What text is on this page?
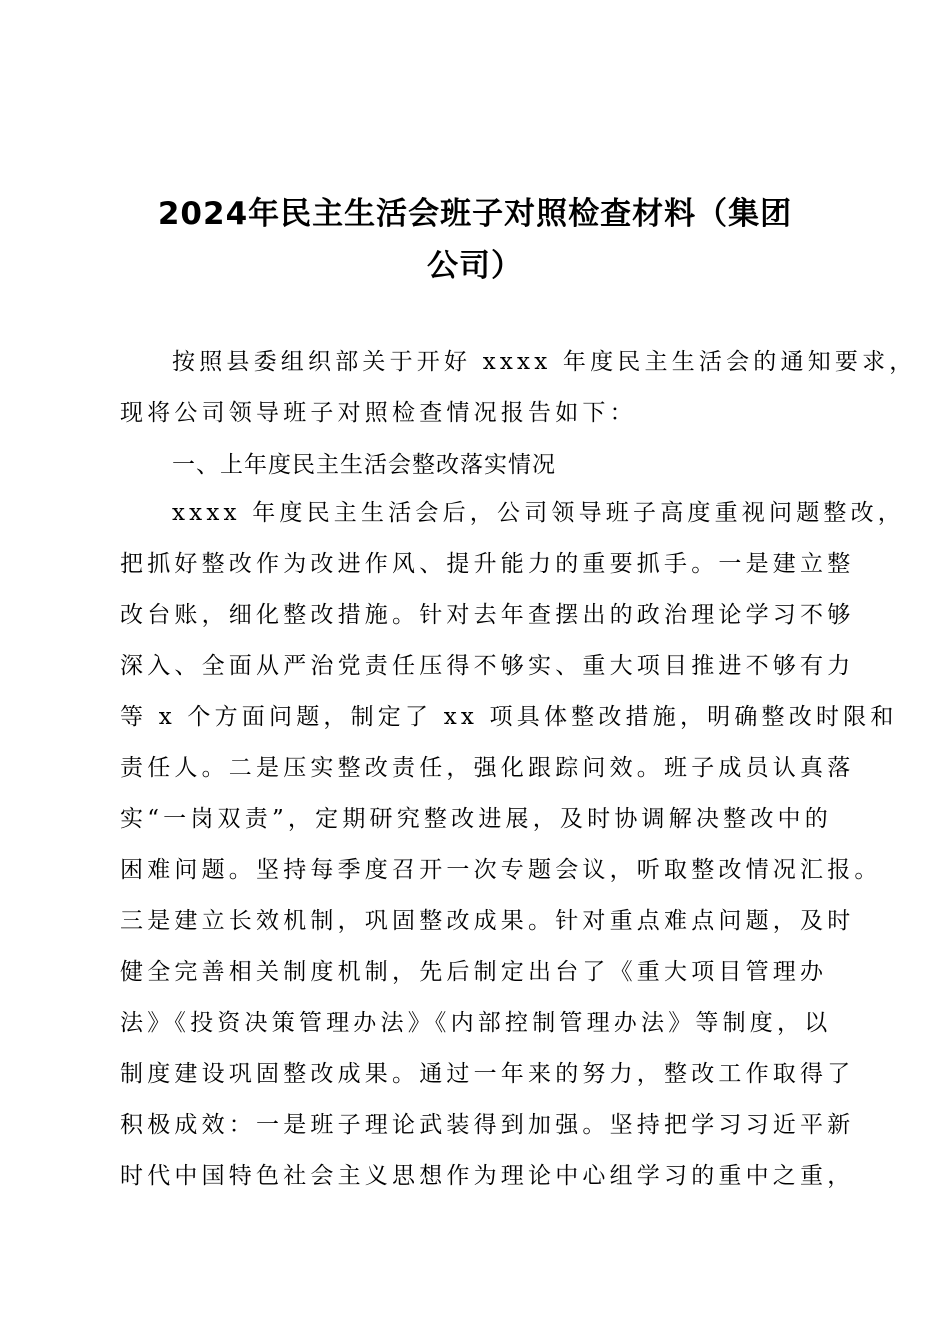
2024年民主生活会班子对照检查材料（集团
公司）
按照县委组织部关于开好 xxxx 年度民主生活会的通知要求，
现将公司领导班子对照检查情况报告如下：
一、上年度民主生活会整改落实情况
xxxx 年度民主生活会后，公司领导班子高度重视问题整改，
把抓好整改作为改进作风、提升能力的重要抓手。一是建立整
改台账，细化整改措施。针对去年查摆出的政治理论学习不够
深入、全面从严治党责任压得不够实、重大项目推进不够有力
等 x 个方面问题，制定了 xx 项具体整改措施，明确整改时限和
责任人。二是压实整改责任，强化跟踪问效。班子成员认真落
实“一岗双责”，定期研究整改进展，及时协调解决整改中的
困难问题。坚持每季度召开一次专题会议，听取整改情况汇报。
三是建立长效机制，巩固整改成果。针对重点难点问题，及时
健全完善相关制度机制，先后制定出台了《重大项目管理办
法》《投资决策管理办法》《内部控制管理办法》等制度，以
制度建设巩固整改成果。通过一年来的努力，整改工作取得了
积极成效：一是班子理论武装得到加强。坚持把学习习近平新
时代中国特色社会主义思想作为理论中心组学习的重中之重，
